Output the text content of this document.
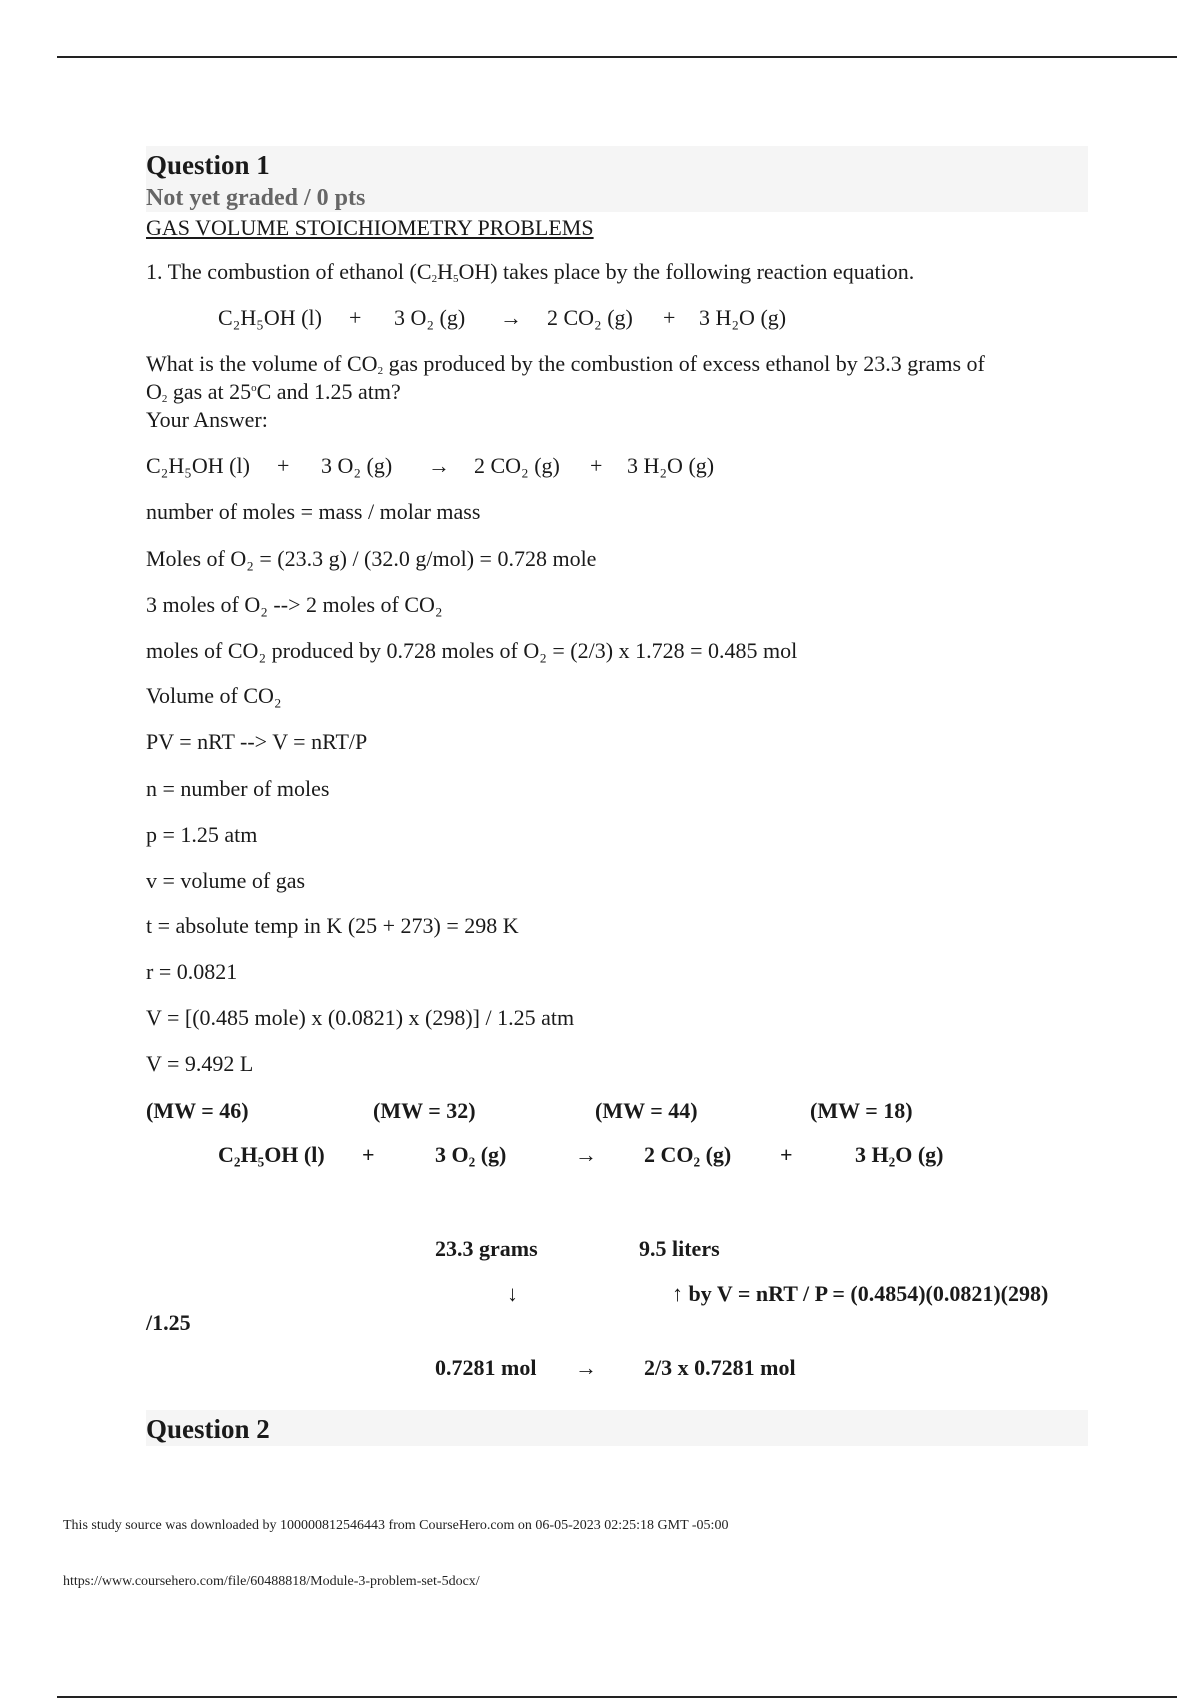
Question 1
Not yet graded / 0 pts
GAS VOLUME STOICHIOMETRY PROBLEMS
1. The combustion of ethanol $(C_2H_5OH)$ takes place by the following reaction equation.
C₂H₅OH (l) + 3 O₂ (g) → 2 CO₂ (g) + 3 H₂O (g)
What is the volume of $CO_2$ gas produced by the combustion of excess ethanol by 23.3 grams of
$O_2$ gas at 25$^o$C and 1.25 atm?
Your Answer:
C₂H₅OH (l) + 3 O₂ (g) → 2 CO₂ (g) + 3 H₂O (g)
number of moles = mass / molar mass
Moles of O₂ = (23.3 g) / (32.0 g/mol) = 0.728 mole
3 moles of O₂ --> 2 moles of CO₂
moles of CO₂ produced by 0.728 moles of O₂ = (2/3) x 1.728 = 0.485 mol
Volume of CO₂
PV = nRT --> V = nRT/P
n = number of moles
p = 1.25 atm
v = volume of gas
t = absolute temp in K (25 + 273) = 298 K
r = 0.0821
V = [(0.485 mole) x (0.0821) x (298)] / 1.25 atm
V = 9.492 L
(MW = 46)	(MW = 32)	(MW = 44)	(MW = 18)
C₂H₅OH (l) +	3 O₂ (g)	→ 2 CO₂ (g) +	3 H₂O (g)
23.3 grams	9.5 liters
↓	↑ by V = nRT / P = (0.4854)(0.0821)(298)
/1.25
0.7281 mol → 2/3 x 0.7281 mol
Question 2
This study source was downloaded by 100000812546443 from CourseHero.com on 06-05-2023 02:25:18 GMT -05:00
https://www.coursehero.com/file/60488818/Module-3-problem-set-5docx/
